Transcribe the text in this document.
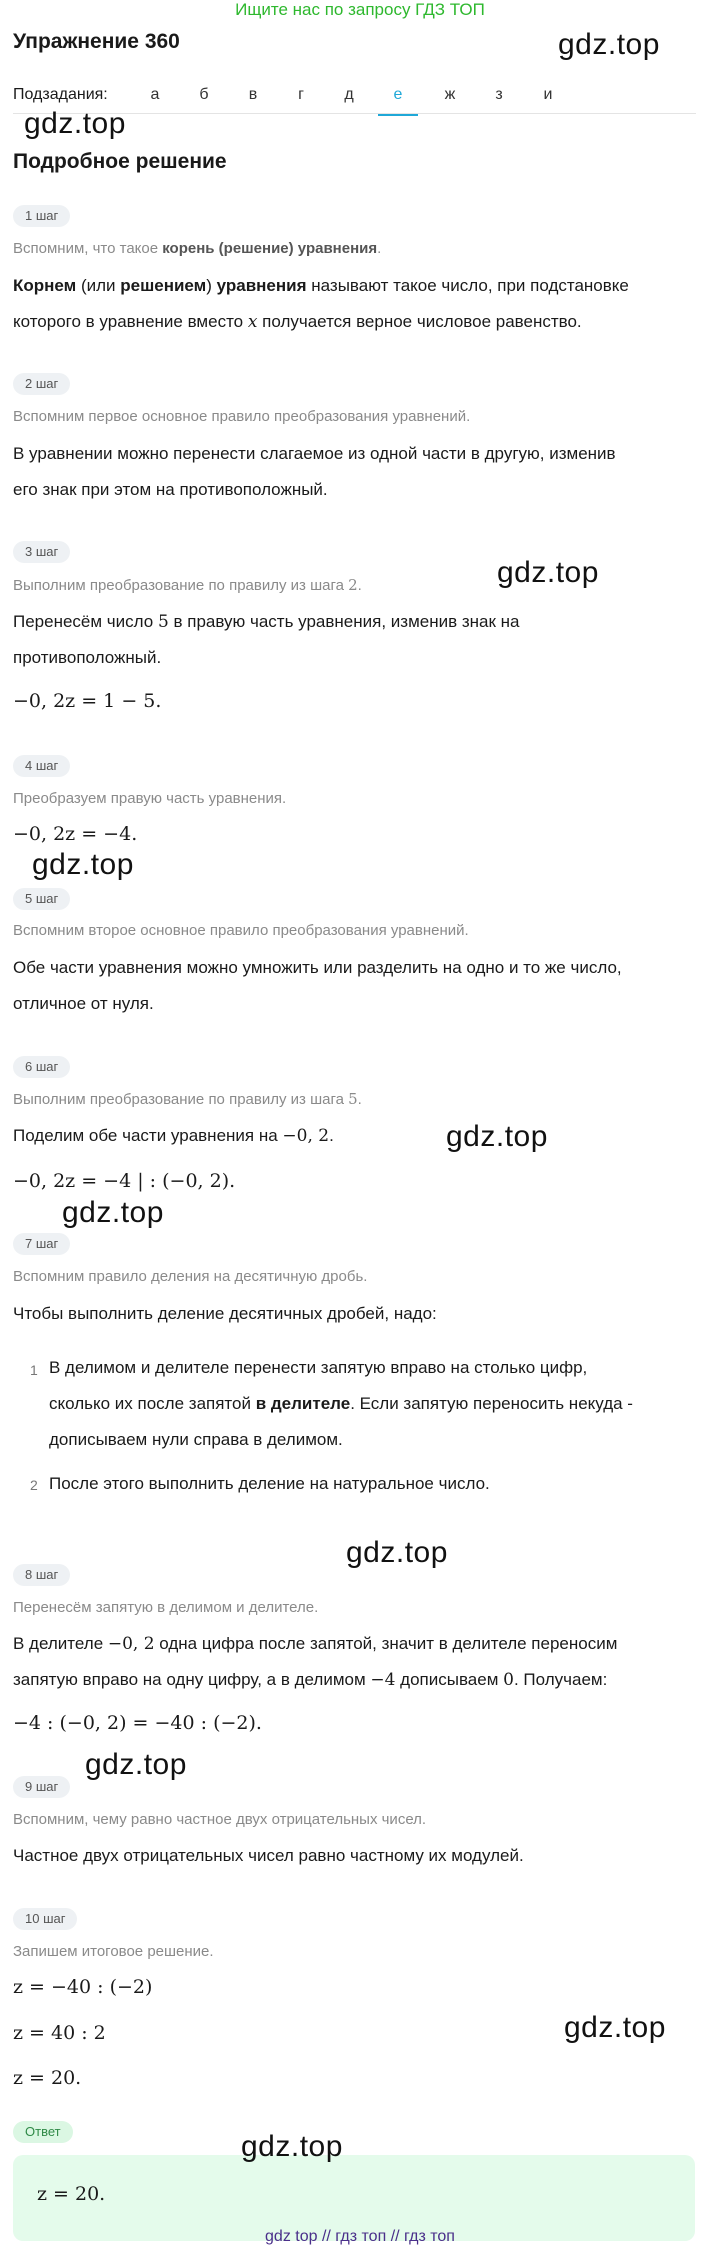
Ищите нас по запросу ГДЗ ТОП
Упражнение 360	gdz.top
Подзадания:	а	б	в	г	д	е	ж	з	и
gdz.top
Подробное решение
1 шаг
Вспомним, что такое корень (решение) уравнения.
Корнем (или решением) уравнения называют такое число, при подстановке
которого в уравнение вместо x получается верное числовое равенство.
2 шаг
Вспомним первое основное правило преобразования уравнений.
В уравнении можно перенести слагаемое из одной части в другую, изменив
его знак при этом на противоположный.
3 шаг
Выполним преобразование по правилу из шага 2.	gdz.top
Перенесём число 5 в правую часть уравнения, изменив знак на
противоположный.
−0, 2z = 1 − 5.
4 шаг
Преобразуем правую часть уравнения.
−0, 2z = −4.
gdz.top
5 шаг
Вспомним второе основное правило преобразования уравнений.
Обе части уравнения можно умножить или разделить на одно и то же число,
отличное от нуля.
6 шаг
Выполним преобразование по правилу из шага 5.
Поделим обе части уравнения на −0, 2.	gdz.top
−0, 2z = −4 | : (−0, 2).
gdz.top
7 шаг
Вспомним правило деления на десятичную дробь.
Чтобы выполнить деление десятичных дробей, надо:
1 В делимом и делителе перенести запятую вправо на столько цифр,
сколько их после запятой в делителе. Если запятую переносить некуда -
дописываем нули справа в делимом.
2 После этого выполнить деление на натуральное число.
gdz.top
8 шаг
Перенесём запятую в делимом и делителе.
В делителе −0, 2 одна цифра после запятой, значит в делителе переносим
запятую вправо на одну цифру, а в делимом −4 дописываем 0. Получаем:
−4 : (−0, 2) = −40 : (−2).
gdz.top
9 шаг
Вспомним, чему равно частное двух отрицательных чисел.
Частное двух отрицательных чисел равно частному их модулей.
10 шаг
Запишем итоговое решение.
z = −40 : (−2)
z = 40 : 2	gdz.top
z = 20.
Ответ
z = 20.
gdz.top
gdz top // гдз топ // гдз топ
